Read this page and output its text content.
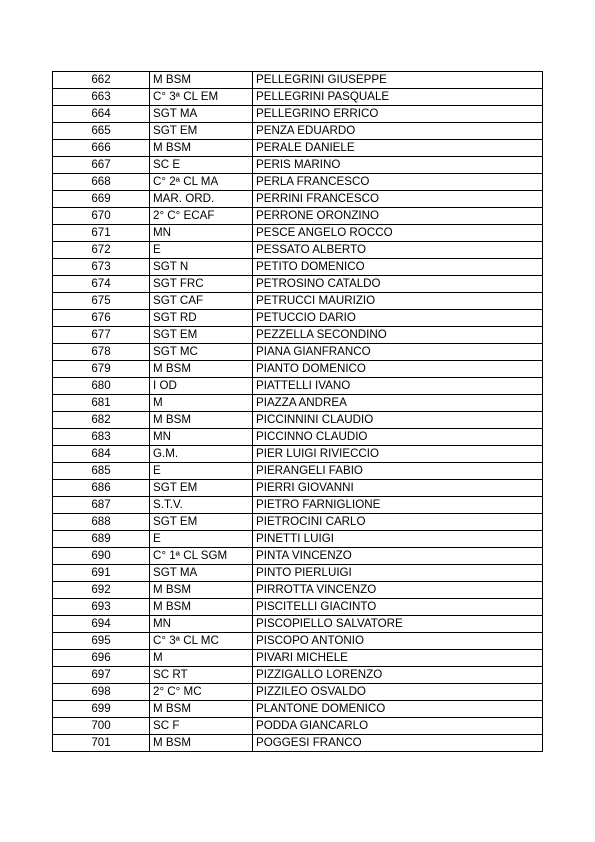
662	M BSM	PELLEGRINI GIUSEPPE
663	C° 3ª CL EM	PELLEGRINI PASQUALE
664	SGT MA	PELLEGRINO ERRICO
665	SGT EM	PENZA EDUARDO
666	M BSM	PERALE DANIELE
667	SC E	PERIS MARINO
668	C° 2ª CL MA	PERLA FRANCESCO
669	MAR. ORD.	PERRINI FRANCESCO
670	2° C° ECAF	PERRONE ORONZINO
671	MN	PESCE ANGELO ROCCO
672	E	PESSATO ALBERTO
673	SGT N	PETITO DOMENICO
674	SGT FRC	PETROSINO CATALDO
675	SGT CAF	PETRUCCI MAURIZIO
676	SGT RD	PETUCCIO DARIO
677	SGT EM	PEZZELLA SECONDINO
678	SGT MC	PIANA GIANFRANCO
679	M BSM	PIANTO DOMENICO
680	I OD	PIATTELLI IVANO
681	M	PIAZZA ANDREA
682	M BSM	PICCINNINI CLAUDIO
683	MN	PICCINNO CLAUDIO
684	G.M.	PIER LUIGI RIVIECCIO
685	E	PIERANGELI FABIO
686	SGT EM	PIERRI GIOVANNI
687	S.T.V.	PIETRO FARNIGLIONE
688	SGT EM	PIETROCINI CARLO
689	E	PINETTI LUIGI
690	C° 1ª CL SGM	PINTA VINCENZO
691	SGT MA	PINTO PIERLUIGI
692	M BSM	PIRROTTA VINCENZO
693	M BSM	PISCITELLI GIACINTO
694	MN	PISCOPIELLO SALVATORE
695	C° 3ª CL MC	PISCOPO ANTONIO
696	M	PIVARI MICHELE
697	SC RT	PIZZIGALLO LORENZO
698	2° C° MC	PIZZILEO OSVALDO
699	M BSM	PLANTONE DOMENICO
700	SC F	PODDA GIANCARLO
701	M BSM	POGGESI FRANCO
